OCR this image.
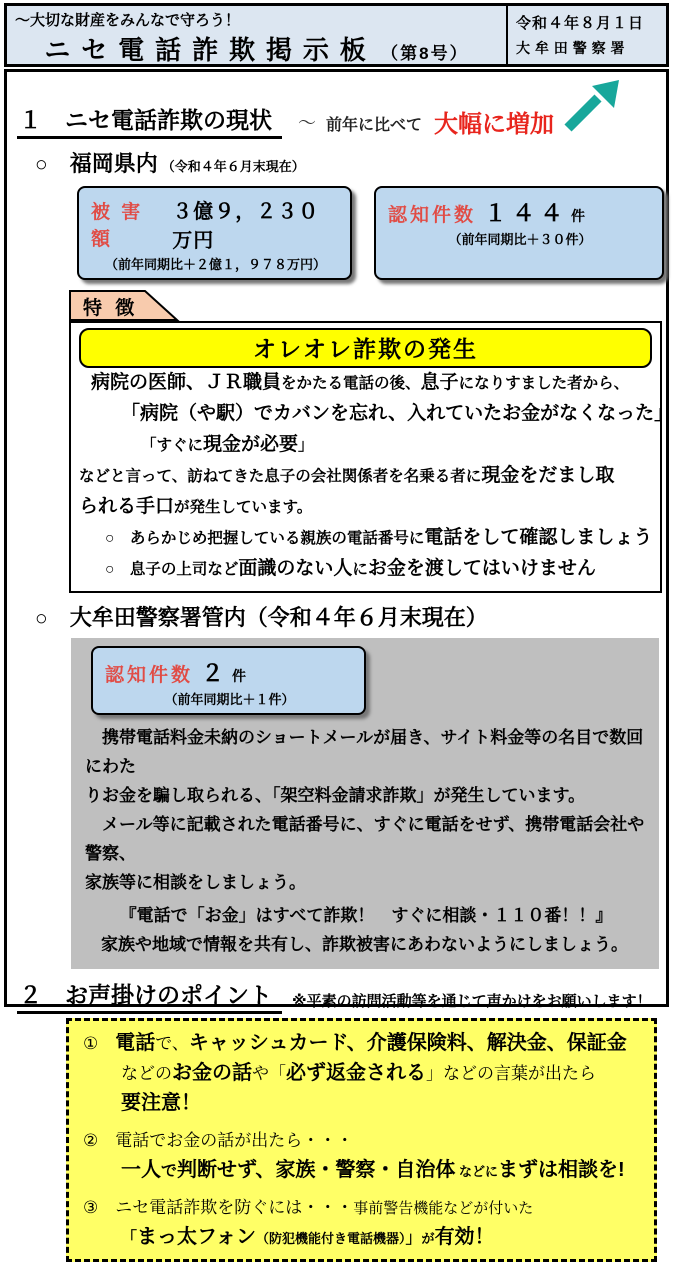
～大切な財産をみんなで守ろう！
ニセ電話詐欺掲示板 （第8号）
令和４年８月１日
大牟田警察署
１　ニセ電話詐欺の現状	～ 前年に比べて 大幅に増加
○ 福岡県内 （令和４年６月末現在）
被 害 額
３億９，２３０万円
（前年同期比＋２億１，９７８万円）
認知件数 １４４ 件
（前年同期比＋３０件）
特 徴
オレオレ詐欺の発生
病院の医師、ＪＲ職員をかたる電話の後、息子になりすました者から、
「病院（や駅）でカバンを忘れ、入れていたお金がなくなった」
「すぐに現金が必要」
などと言って、訪ねてきた息子の会社関係者を名乗る者に現金をだまし取
られる手口が発生しています。
○　あらかじめ把握している親族の電話番号に電話をして確認しましょう
○　息子の上司など面識のない人にお金を渡してはいけません
○ 大牟田警察署管内（令和４年６月末現在）
認知件数 ２ 件
（前年同期比＋１件）
　携帯電話料金未納のショートメールが届き、サイト料金等の名目で数回にわた
りお金を騙し取られる、「架空料金請求詐欺」が発生しています。
　メール等に記載された電話番号に、すぐに電話をせず、携帯電話会社や警察、
家族等に相談をしましょう。
『電話で「お金」はすべて詐欺！　すぐに相談・１１０番！！』
家族や地域で情報を共有し、詐欺被害にあわないようにしましょう。
２　お声掛けのポイント	※平素の訪問活動等を通じて声かけをお願いします！
①　電話で、キャッシュカード、介護保険料、解決金、保証金
などのお金の話や「必ず返金される」などの言葉が出たら
要注意！
②　電話でお金の話が出たら・・・
一人で判断せず、家族・警察・自治体 などにまずは相談を!
③　ニセ電話詐欺を防ぐには・・・事前警告機能などが付いた
「まっ太フォン（防犯機能付き電話機器）」が有効！
